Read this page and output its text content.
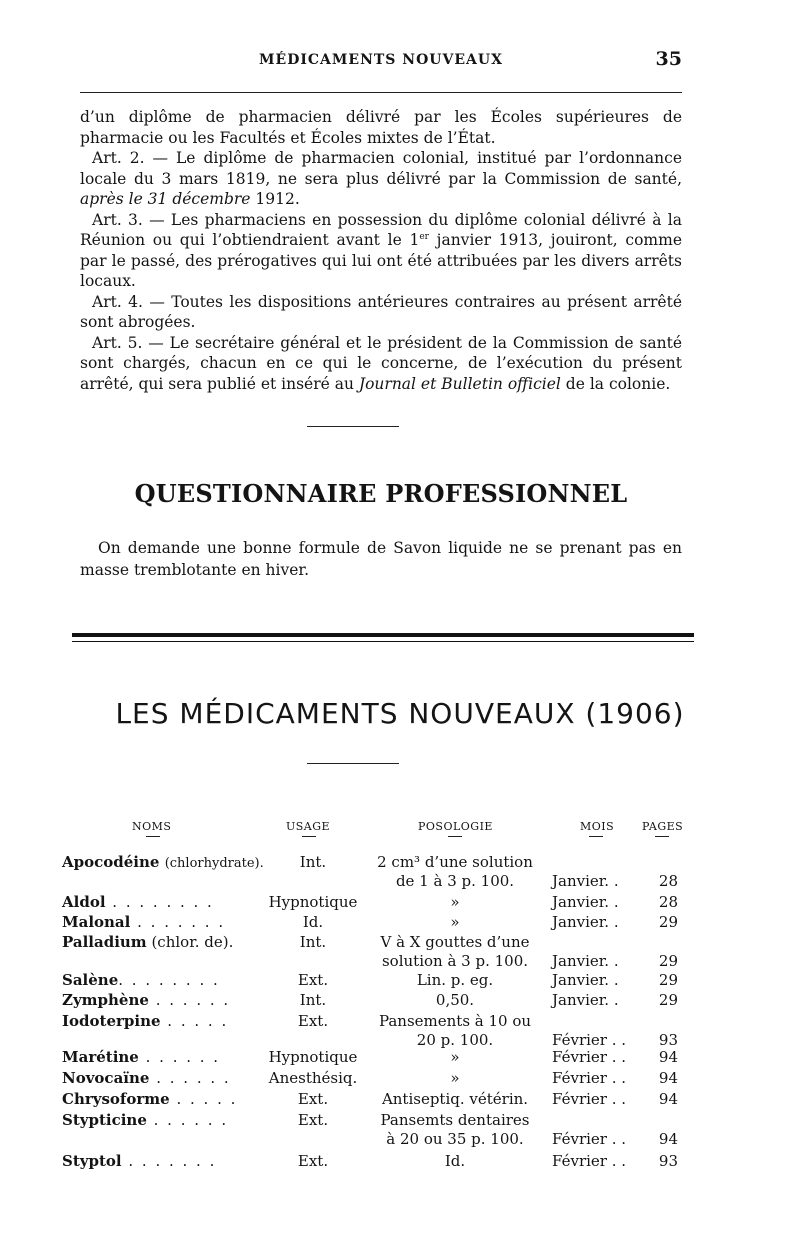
MÉDICAMENTS NOUVEAUX	35

d’un diplôme de pharmacien délivré par les Écoles supérieures de pharmacie ou les Facultés et Écoles mixtes de l’État.

Art. 2. — Le diplôme de pharmacien colonial, institué par l’ordonnance locale du 3 mars 1819, ne sera plus délivré par la Commission de santé, après le 31 décembre 1912.

Art. 3. — Les pharmaciens en possession du diplôme colonial délivré à la Réunion ou qui l’obtiendraient avant le 1er janvier 1913, jouiront, comme par le passé, des prérogatives qui lui ont été attribuées par les divers arrêts locaux.

Art. 4. — Toutes les dispositions antérieures contraires au présent arrêté sont abrogées.

Art. 5. — Le secrétaire général et le président de la Commission de santé sont chargés, chacun en ce qui le concerne, de l’exécution du présent arrêté, qui sera publié et inséré au Journal et Bulletin officiel de la colonie.

QUESTIONNAIRE PROFESSIONNEL

On demande une bonne formule de Savon liquide ne se prenant pas en masse tremblotante en hiver.

LES MÉDICAMENTS NOUVEAUX (1906)
NOMS	USAGE	POSOLOGIE	MOIS	PAGES
Apocodéine (chlorhydrate).	Int.	2 cm³ d’une solution
de 1 à 3 p. 100.	Janvier. .	28
Aldol . . . . . . . .	Hypnotique	»	Janvier. .	28
Malonal . . . . . . .	Id.	»	Janvier. .	29
Palladium (chlor. de).	Int.	V à X gouttes d’une
solution à 3 p. 100.	Janvier. .	29
Salène. . . . . . . .	Ext.	Lin. p. eg.	Janvier. .	29
Zymphène . . . . . .	Int.	0,50.	Janvier. .	29
Iodoterpine . . . . .	Ext.	Pansements à 10 ou
20 p. 100.	Février . .	93
Marétine . . . . . .	Hypnotique	»	Février . .	94
Novocaïne . . . . . .	Anesthésiq.	»	Février . .	94
Chrysoforme . . . . .	Ext.	Antiseptiq. vétérin.	Février . .	94
Stypticine . . . . . .	Ext.	Pansemts dentaires
à 20 ou 35 p. 100.	Février . .	94
Styptol . . . . . . .	Ext.	Id.	Février . .	93
